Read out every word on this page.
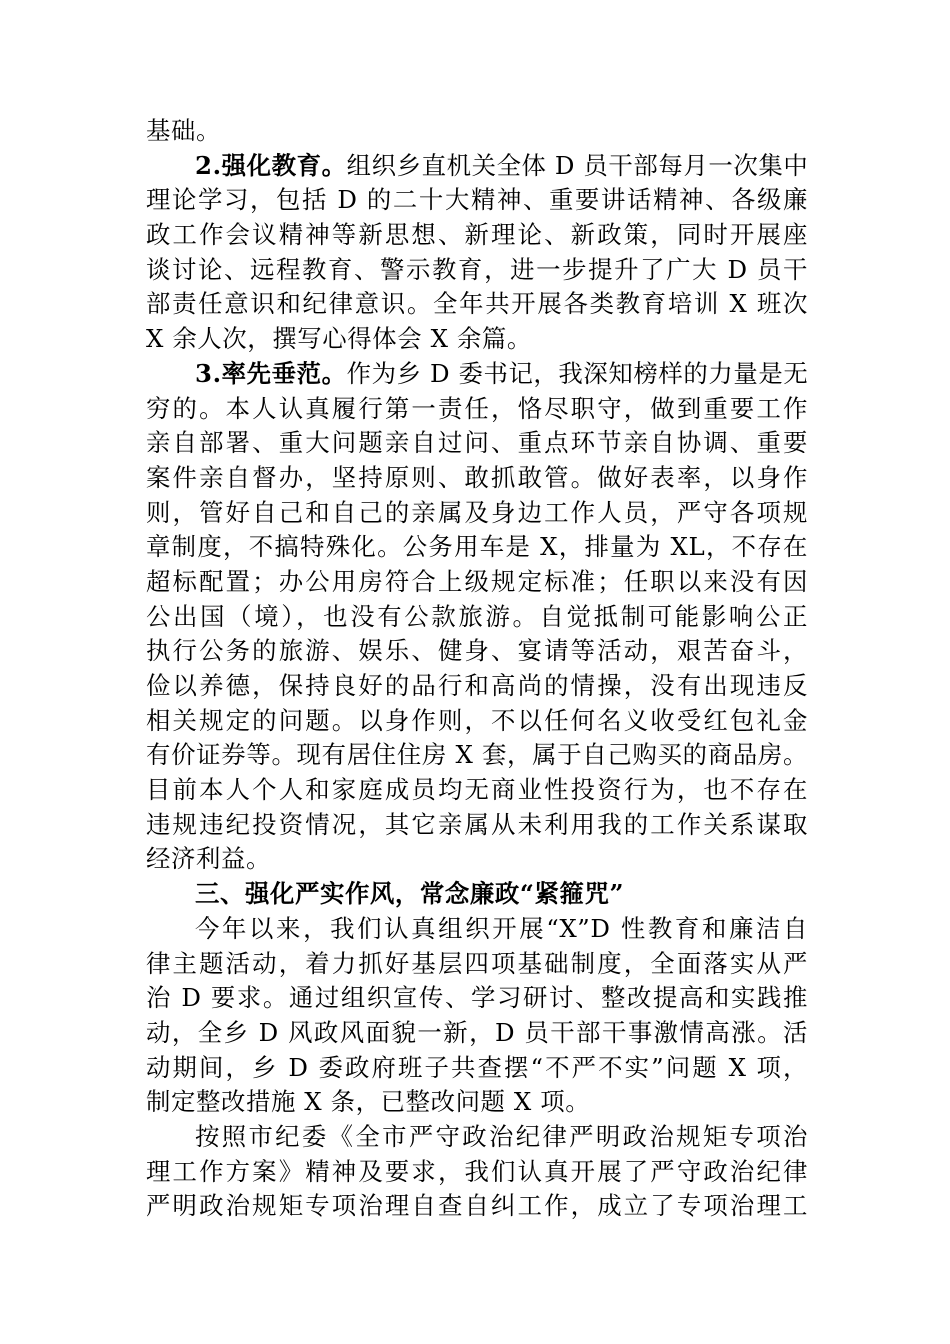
基础。
2.强化教育。组织乡直机关全体 D 员干部每月一次集中
理论学习，包括 D 的二十大精神、重要讲话精神、各级廉
政工作会议精神等新思想、新理论、新政策，同时开展座
谈讨论、远程教育、警示教育，进一步提升了广大 D 员干
部责任意识和纪律意识。全年共开展各类教育培训 X 班次
X 余人次，撰写心得体会 X 余篇。
3.率先垂范。作为乡 D 委书记，我深知榜样的力量是无
穷的。本人认真履行第一责任，恪尽职守，做到重要工作
亲自部署、重大问题亲自过问、重点环节亲自协调、重要
案件亲自督办，坚持原则、敢抓敢管。做好表率，以身作
则，管好自己和自己的亲属及身边工作人员，严守各项规
章制度，不搞特殊化。公务用车是 X，排量为 XL，不存在
超标配置；办公用房符合上级规定标准；任职以来没有因
公出国（境），也没有公款旅游。自觉抵制可能影响公正
执行公务的旅游、娱乐、健身、宴请等活动，艰苦奋斗，
俭以养德，保持良好的品行和高尚的情操，没有出现违反
相关规定的问题。以身作则，不以任何名义收受红包礼金
有价证券等。现有居住住房 X 套，属于自己购买的商品房。
目前本人个人和家庭成员均无商业性投资行为，也不存在
违规违纪投资情况，其它亲属从未利用我的工作关系谋取
经济利益。
三、强化严实作风，常念廉政“紧箍咒”
今年以来，我们认真组织开展“X”D 性教育和廉洁自
律主题活动，着力抓好基层四项基础制度，全面落实从严
治 D 要求。通过组织宣传、学习研讨、整改提高和实践推
动，全乡 D 风政风面貌一新，D 员干部干事激情高涨。活
动期间，乡 D 委政府班子共查摆“不严不实”问题 X 项，
制定整改措施 X 条，已整改问题 X 项。
按照市纪委《全市严守政治纪律严明政治规矩专项治
理工作方案》精神及要求，我们认真开展了严守政治纪律
严明政治规矩专项治理自查自纠工作，成立了专项治理工
